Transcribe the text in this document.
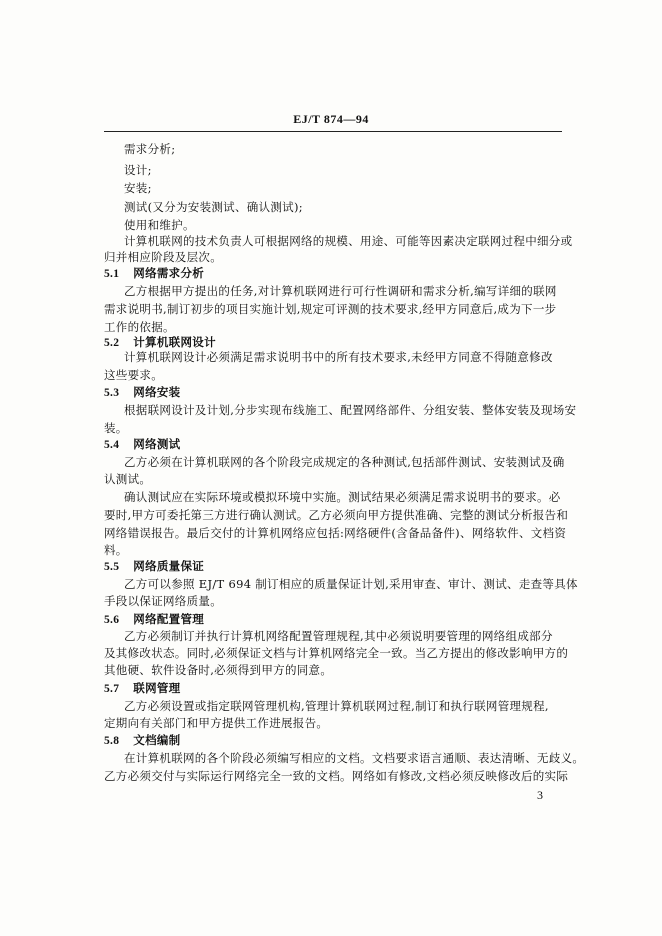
EJ/T 874—94
需求分析;
设计;
安装;
测试(又分为安装测试、确认测试);
使用和维护。
计算机联网的技术负责人可根据网络的规模、用途、可能等因素决定联网过程中细分或
归并相应阶段及层次。
5.1 网络需求分析
乙方根据甲方提出的任务,对计算机联网进行可行性调研和需求分析,编写详细的联网
需求说明书,制订初步的项目实施计划,规定可评测的技术要求,经甲方同意后,成为下一步
工作的依据。
5.2 计算机联网设计
计算机联网设计必须满足需求说明书中的所有技术要求,未经甲方同意不得随意修改
这些要求。
5.3 网络安装
根据联网设计及计划,分步实现布线施工、配置网络部件、分组安装、整体安装及现场安
装。
5.4 网络测试
乙方必须在计算机联网的各个阶段完成规定的各种测试,包括部件测试、安装测试及确
认测试。
确认测试应在实际环境或模拟环境中实施。测试结果必须满足需求说明书的要求。必
要时,甲方可委托第三方进行确认测试。乙方必须向甲方提供准确、完整的测试分析报告和
网络错误报告。最后交付的计算机网络应包括:网络硬件(含备品备件)、网络软件、文档资
料。
5.5 网络质量保证
乙方可以参照 EJ/T 694 制订相应的质量保证计划,采用审查、审计、测试、走查等具体
手段以保证网络质量。
5.6 网络配置管理
乙方必须制订并执行计算机网络配置管理规程,其中必须说明要管理的网络组成部分
及其修改状态。同时,必须保证文档与计算机网络完全一致。当乙方提出的修改影响甲方的
其他硬、软件设备时,必须得到甲方的同意。
5.7 联网管理
乙方必须设置或指定联网管理机构,管理计算机联网过程,制订和执行联网管理规程,
定期向有关部门和甲方提供工作进展报告。
5.8 文档编制
在计算机联网的各个阶段必须编写相应的文档。文档要求语言通顺、表达清晰、无歧义。
乙方必须交付与实际运行网络完全一致的文档。网络如有修改,文档必须反映修改后的实际
3
